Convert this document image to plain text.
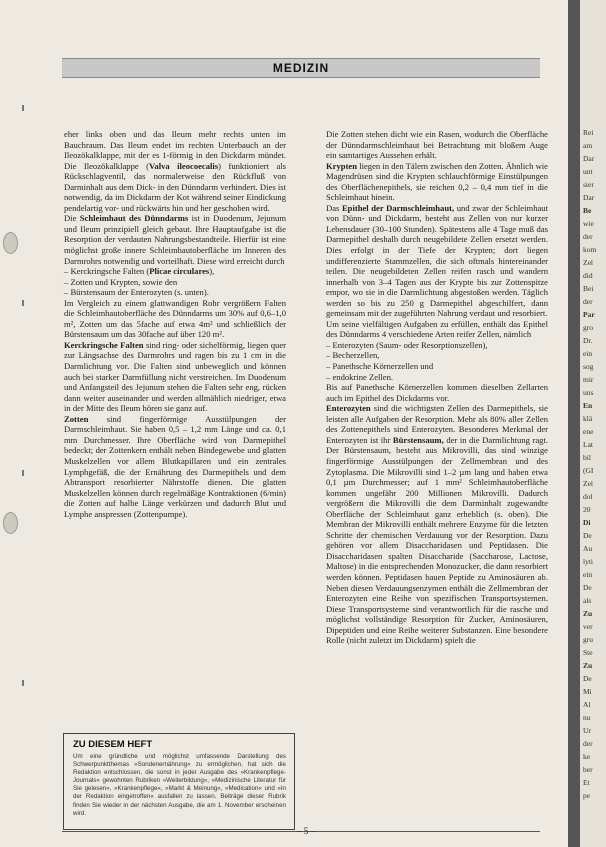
MEDIZIN

eher links oben und das Ileum mehr rechts unten im Bauchraum. Das Ileum endet im rechten Unterbauch an der Ileozökalklappe, mit der es 1-förmig in den Dickdarm mündet. Die Ileozökalklappe (Valva ileocoecalis) funktioniert als Rückschlagventil, das normalerweise den Rückfluß von Darminhalt aus dem Dick- in den Dünndarm verhindert. Dies ist notwendig, da im Dickdarm der Kot während seiner Eindickung pendelartig vor- und rückwärts hin und her geschoben wird.

Die Schleimhaut des Dünndarms ist in Duodenum, Jejunum und Ileum prinzipiell gleich gebaut. Ihre Hauptaufgabe ist die Resorption der verdauten Nahrungsbestandteile. Hierfür ist eine möglichst große innere Schleimhautoberfläche im Inneren des Darmrohrs notwendig und vorteilhaft. Diese wird erreicht durch

– Kerckringsche Falten (Plicae circulares),
– Zotten und Krypten, sowie den
– Bürstensaum der Enterozyten (s. unten).

Im Vergleich zu einem glattwandigen Rohr vergrößern Falten die Schleimhautoberfläche des Dünndarms um 30% auf 0,6–1,0 m², Zotten um das 5fache auf etwa 4m² und schließlich der Bürstensaum um das 30fache auf über 120 m².

Kerckringsche Falten sind ring- oder sichelförmig, liegen quer zur Längsachse des Darmrohrs und ragen bis zu 1 cm in die Darmlichtung vor. Die Falten sind unbeweglich und können auch bei starker Darmfüllung nicht verstreichen. Im Duodenum und Anfangsteil des Jejunum stehen die Falten sehr eng, rücken dann weiter auseinander und werden allmählich niedriger, etwa in der Mitte des Ileum hören sie ganz auf.

Zotten sind fingerförmige Ausstülpungen der Darmschleimhaut. Sie haben 0,5 – 1,2 mm Länge und ca. 0,1 mm Durchmesser. Ihre Oberfläche wird von Darmepithel bedeckt; der Zottenkern enthält neben Bindegewebe und glatten Muskelzellen vor allem Blutkapillaren und ein zentrales Lymphgefäß, die der Ernährung des Darmepithels und dem Abtransport resorbierter Nährstoffe dienen. Die glatten Muskelzellen können durch regelmäßige Kontraktionen (6/min) die Zotten auf halbe Länge verkürzen und dadurch Blut und Lymphe anspressen (Zottenpumpe).

Die Zotten stehen dicht wie ein Rasen, wodurch die Oberfläche der Dünndarmschleimhaut bei Betrachtung mit bloßem Auge ein samtartiges Aussehen erhält.

Krypten liegen in den Tälern zwischen den Zotten. Ähnlich wie Magendrüsen sind die Krypten schlauchförmige Einstülpungen des Oberflächenepithels, sie reichen 0,2 – 0,4 mm tief in die Schleimhaut hinein.

Das Epithel der Darmschleimhaut, und zwar der Schleimhaut von Dünn- und Dickdarm, besteht aus Zellen von nur kurzer Lebensdauer (30–100 Stunden). Spätestens alle 4 Tage muß das Darmepithel deshalb durch neugebildete Zellen ersetzt werden. Dies erfolgt in der Tiefe der Krypten; dort liegen undifferenzierte Stammzellen, die sich oftmals hintereinander teilen. Die neugebildeten Zellen reifen rasch und wandern innerhalb von 3–4 Tagen aus der Krypte bis zur Zottenspitze empor, wo sie in die Darmlichtung abgestoßen werden. Täglich werden so bis zu 250 g Darmepithel abgeschilfert, dann gemeinsam mit der zugeführten Nahrung verdaut und resorbiert.

Um seine vielfältigen Aufgaben zu erfüllen, enthält das Epithel des Dünndarms 4 verschiedene Arten reifer Zellen, nämlich

– Enterozyten (Saum- oder Resorptionszellen),
– Becherzellen,
– Panethsche Körnerzellen und
– endokrine Zellen.

Bis auf Panethsche Körnerzellen kommen dieselben Zellarten auch im Epithel des Dickdarms vor.

Enterozyten sind die wichtigsten Zellen des Darmepithels, sie leisten alle Aufgaben der Resorption. Mehr als 80% aller Zellen des Zottenepithels sind Enterozyten. Besonderes Merkmal der Enterozyten ist ihr Bürstensaum, der in die Darmlichtung ragt. Der Bürstensaum, besteht aus Mikrovilli, das sind winzige fingerförmige Ausstülpungen der Zellmembran und des Zytoplasma. Die Mikrovilli sind 1–2 µm lang und haben etwa 0,1 µm Durchmesser; auf 1 mm² Schleimhautoberfläche kommen ungefähr 200 Millionen Mikrovilli. Dadurch vergrößern die Mikrovilli die dem Darminhalt zugewandte Oberfläche der Schleimhaut ganz erheblich (s. oben). Die Membran der Mikrovilli enthält mehrere Enzyme für die letzten Schritte der chemischen Verdauung vor der Resorption. Dazu gehören vor allem Disaccharidasen und Peptidasen. Die Disaccharidasen spalten Disaccharide (Saccharose, Lactose, Maltose) in die entsprechenden Monozucker, die dann resorbiert werden können. Peptidasen bauen Peptide zu Aminosäuren ab. Neben diesen Verdauungsenzymen enthält die Zellmembran der Enterozyten eine Reihe von spezifischen Transportsystemen. Diese Transportsysteme sind verantwortlich für die rasche und möglichst vollständige Resorption für Zucker, Aminosäuren, Dipeptiden und eine Reihe weiterer Substanzen. Eine besondere Rolle (nicht zuletzt im Dickdarm) spielt die

ZU DIESEM HEFT
Um eine gründliche und möglichst umfassende Darstellung des Schwerpunktthemas »Sondenernährung« zu ermöglichen, hat sich die Redaktion entschlossen, die sonst in jeder Ausgabe des »Krankenpflege-Journals« gewohnten Rubriken »Weiterbildung«, »Medizinische Literatur für Sie gelesen«, »Krankenpflege«, »Markt & Meinung«, »Medication« und »In der Redaktion eingetroffen« ausfallen zu lassen. Beiträge dieser Rubrik finden Sie wieder in der nächsten Ausgabe, die am 1. November erscheinen wird.
– 5 –
Rei
am
Dar
unt
sier
Dar
Be
wie
der
kom
Zel
did
Bei
der
Par
gro
Dr.
ein
sog
mir
uns
En
klä
ene
Lat
bil
(GI
Zel
dol
20
Di
De
Au
lyti
ein
De
als
Zu
ver
gru
Ste
Zu
De
Mi
Al
nu
Ur
der
ke
ber
Et
pe
